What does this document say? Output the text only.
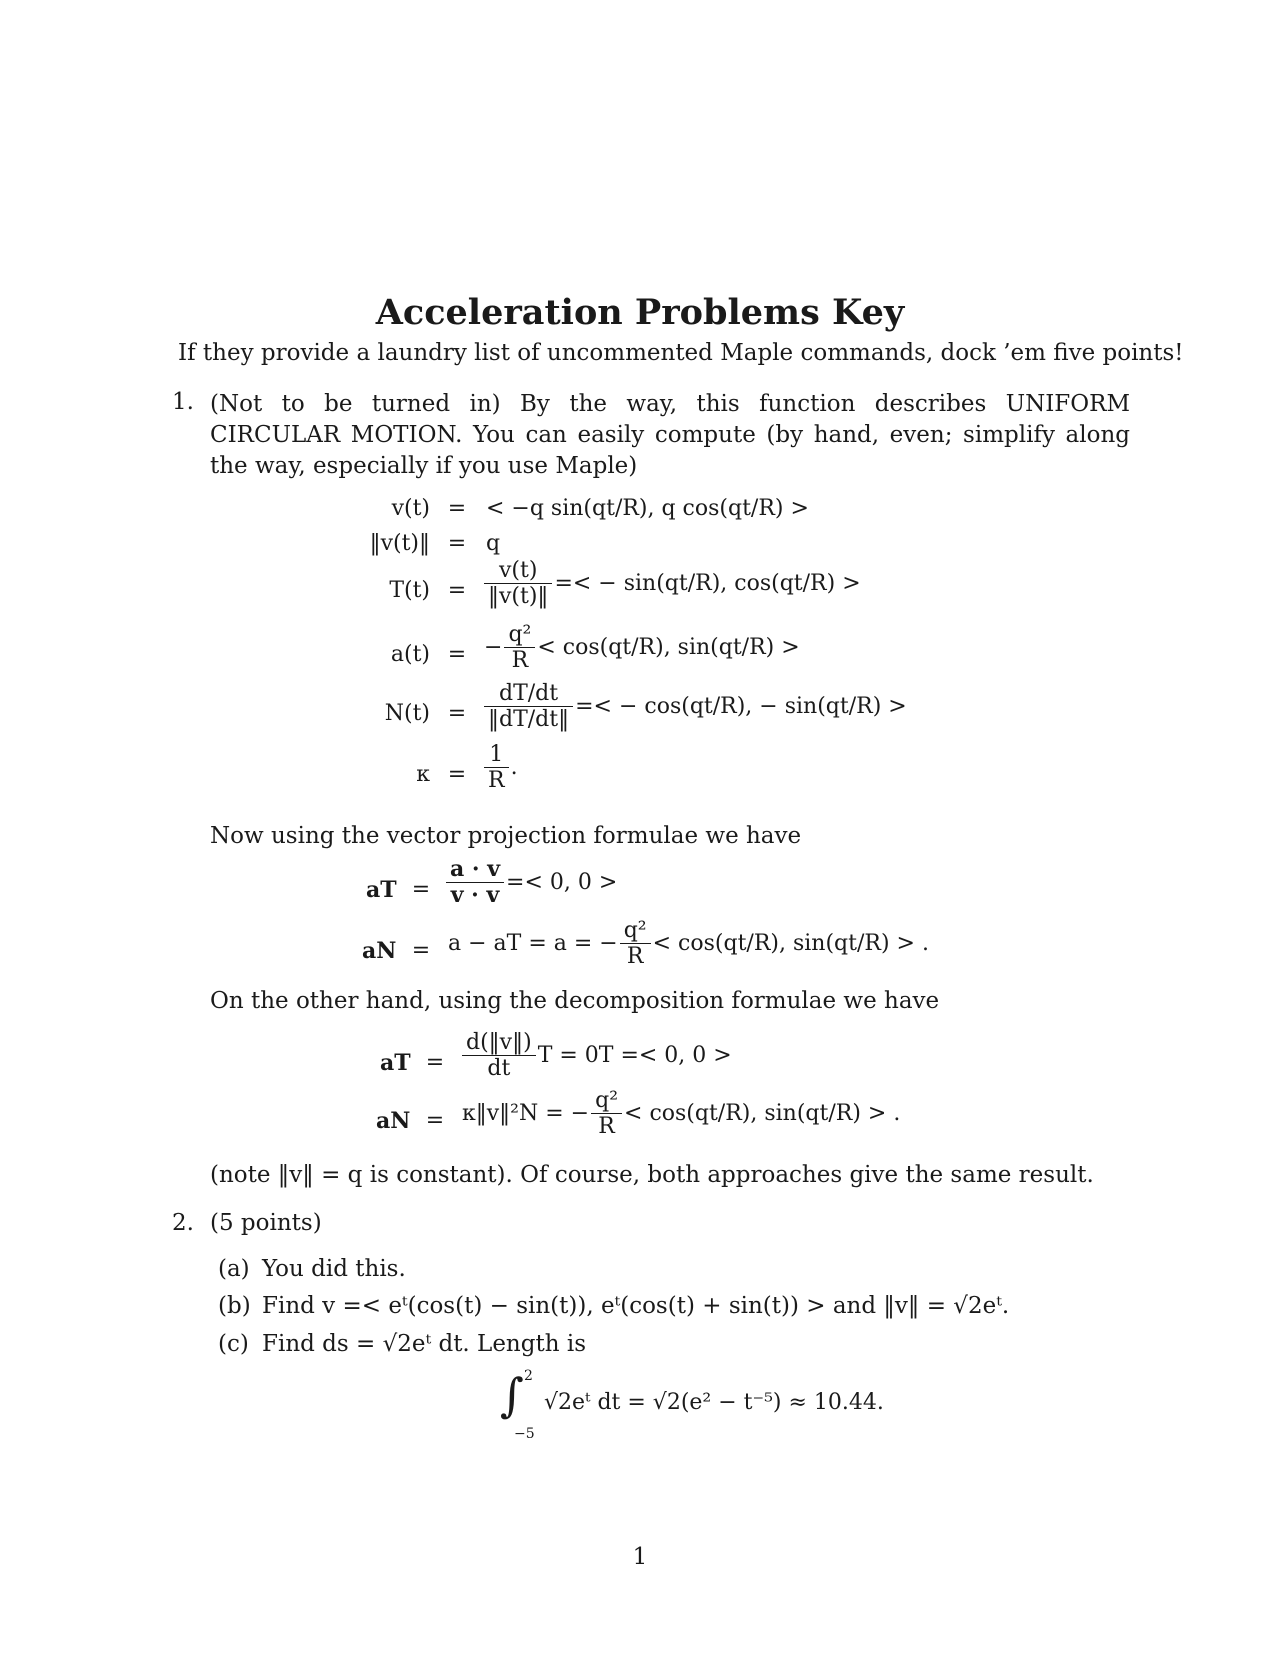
Acceleration Problems Key
If they provide a laundry list of uncommented Maple commands, dock ’em five points!
1. (Not to be turned in) By the way, this function describes UNIFORM CIRCULAR MOTION. You can easily compute (by hand, even; simplify along the way, especially if you use Maple)
v(t) = < −q sin(qt/R), q cos(qt/R) >
‖v(t)‖ = q
$T(t) = \frac{v(t)}{‖v(t)‖}$ =< − sin(qt/R), cos(qt/R) >
a(t) = − $\frac{\text{q²}}{R} < \cos(qt/R)$, sin(qt/R) >
$N(t) = \frac{dT/dt}{‖dT/dt‖}$ =< − cos(qt/R), − sin(qt/R) >
$\kappa = \frac{1}{R}$ .
Now using the vector projection formulae we have
aT = $\frac{a \cdot v}{v \cdot v} =< 0$, 0 >
aN = a − aT = a = − $\frac{\text{q²}}{R} < \cos(qt/R)$, sin(qt/R) > .
On the other hand, using the decomposition formulae we have
aT = $\frac{d(‖v‖)}{dt}$ T = 0T =< 0, 0 >
aN = κ‖v‖²N = − $\frac{\text{q²}}{R} < \cos(qt/R)$, sin(qt/R) > .
(note ‖v‖ = q is constant). Of course, both approaches give the same result.
2. (5 points)
(a) You did this.
(b) Find v =< eᵗ(cos(t) − sin(t)), eᵗ(cos(t) + sin(t)) > and ‖v‖ = √2eᵗ.
(c) Find ds = √2eᵗ dt. Length is
∫ 2
−5
√2eᵗ dt = √2(e² − t⁻⁵) ≈ 10.44.
1
